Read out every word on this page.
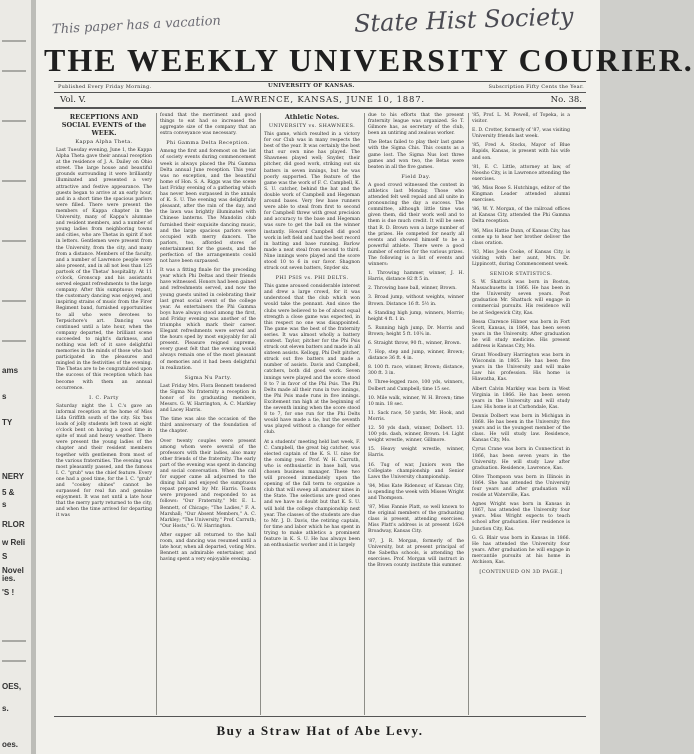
ams
s
TY
NERY
5 &
s
RLOR
w Reli
S
Novel
ies.
'S !
OES,
s.
oes.
This paper has a vacation	State Hist Society
THE WEEKLY UNIVERSITY COURIER.
Published Every Friday Morning.	UNIVERSITY OF KANSAS.	Subscription Fifty Cents the Year.
Vol. V.	LAWRENCE, KANSAS, JUNE 10, 1887.	No. 38.
RECEPTIONS AND SOCIAL EVENTS of the WEEK.
Kappa Alpha Theta.

Last Tuesday evening, June 1, the Kappa Alpha Theta gave their annual reception at the residence of J. A. Dailey on Ohio street. The large house and beautiful grounds surrounding it were brilliantly illuminated and presented a very attractive and festive appearance. The guests began to arrive at an early hour, and in a short time the spacious parlors were filled. There were present the members of Kappa chapter in the University, many of Kappa's alumnae and resident members, and a number of young ladies from neighboring towns and cities, who are Thetas in spirit if not in letters. Gentlemen were present from the University, from the city, and many from a distance. Members of the faculty, and a number of Lawrence people were also present, and in all not less than 125 partook of the Thetas' hospitality. At 11 o'clock, Gronscup and his assistants served elegant refreshments to the large company. After this sumptuous repast, the customary dancing was enjoyed, and inspiring strains of music from the Firer Regiment band, furnished opportunities to all who were devotees to Terpsichore's art. Dancing was continued until a late hour, when the company departed, the brilliant scene succeeded to night's darkness, and nothing was left of it save delightful memories in the minds of those who had participated in the pleasures and mingled in the festivities of the evening. The Thetas are to be congratulated upon the success of this reception which has become with them an annual occurrence.

I. C. Party

Saturday night the I. C.'s gave an informal reception at the home of Miss Lida Griffith south of the city. Six 'bus loads of jolly students left town at eight o'clock bent on having a good time in spite of mud and heavy weather. There were present the young ladies of the chapter and their resident members together with gentlemen from most of the various fraternities. The evening was most pleasantly passed, and the famous I. C. "grub" was the chief feature. Every one had a good time, for the I. C. "grub" and "cookey shines" cannot be surpassed for real fun and genuine enjoyment. It was not until a late hour that the merry party returned to the city, and when the time arrived for departing it was

found that the merriment and good things to eat had so increased the aggregate size of the company that an extra conveyance was necessary.

Phi Gamma Delta Reception.

Among the first and foremost on the list of society events during commencement week is always placed the Phi Gamma Delta annual June reception. This year was no exception, and the beautiful home of Hon. S. A. Riggs was the scene last Friday evening of a gathering which has never been surpassed in the annals of K. S. U. The evening was delightfully pleasant, after the rain of the day, and the lawn was brightly illuminated with Chinese lanterns. The Mandolin club furnished their exquisite dancing music, and the large spacious parlors were occupied with merry dancers. The parlors, too, afforded stores of entertainment for the guests, and the perfection of the arrangements could not have been surpassed.

It was a fitting finale for the preceding year which Phi Deltas and their friends have witnessed. Honors had been gained and refreshments served, and now the young guests united in celebrating their last great social event of the college year. As entertainers the Phi Gamma boys have always stood among the first, and Friday evening was another of the triumphs which mark their career. Elegant refreshments were served and the hours sped by most enjoyably for all present. Pleasure reigned supreme, every guest felt that the evening would always remain one of the most pleasant of memories and it had been delightful in realization.

Sigma Nu Party.

Last Friday Mrs. Flora Bennett tendered the Sigma Nu fraternity a reception in honor of its graduating members, Messrs. G. W. Harrington, A. C. Markley and Lacey Harris.

The time was also the occasion of the third anniversary of the foundation of the chapter.

Over twenty couples were present among whom were several of the professors with their ladies, also many other friends of the fraternity. The early part of the evening was spent in dancing and social conversation. When the call for supper came all adjourned to the dining hall and enjoyed the sumptuous repast prepared by Mr. Harris. Toasts were proposed and responded to as follows: "Our Fraternity," Mr. E. L. Bennett, of Chicago; "The Ladies," F. A. Marshall; "Our Absent Members," A. C. Markley; "The University," Prof. Carruth; "Our Hosts," G. W. Harrington.

After supper all returned to the hall room, and dancing was resumed until a late hour, when all departed, voting Mrs. Bennett an admirable entertainer, and having spent a very enjoyable evening.

Athletic Notes.
UNIVERSITY vs. SHAWNEES.

This game, which resulted in a victory for our Club was in many respects the best of the year. It was certainly the best that our own nine has played. The Shawnees played well; Snyder, their pitcher, did good work, striking out six batters in seven innings, but he was poorly supported. The feature of the game was the work of F. C. Campbell, K. S. U. catcher, behind the bat and the double work of Campbell and Hegeman around bases. Very few base runners were able to steal from first to second for Campbell threw with great precision and accuracy to the base and Hegeman was sure to get the ball on the winner instantly. Howard Campbell did good work in left field and had the best record in batting and base running. Barlow made a neat steal from second to third. Nine innings were played and the score stood 10 to 6 in our favor. Shagnon struck out seven batters, Snyder six.

PHI PSIS vs. PHI DELTS.

This game aroused considerable interest and drew a large crowd, for it was understood that the club which won would take the pennant. And since the clubs were believed to be of about equal strength a close game was expected, in this respect no one was disappointed. The game was the best of the fraternity series. It was almost wholly a battery contest. Taylor, pitcher for the Phi Psis struck out eleven batters and made in all sixteen assists. Kellogg, Phi Delt pitcher, struck out five batters and made a number of assists. Davis and Campbell, catchers, both did good work. Seven innings were played and the score stood 8 to 7 in favor of the Phi Psis. The Phi Delts made all their runs in two innings, the Phi Psis made runs in five innings. Excitement ran high at the beginning of the seventh inning when the score stood 8 to 7, for one run for the Phi Delts would have made a tie, but the seventh was played without a change for either club.

At a students' meeting held last week, F. C. Campbell, the great big catcher, was elected captain of the K. S. U. nine for the coming year. Prof. W. H. Carruth, who is enthusiastic in base ball, was chosen business manager. These two will proceed immediately upon the opening of the fall term to organize a club that will sweep all amateur nines in the State. The selections are good ones and we have no doubt but that K. S. U. will hold the college championship next year. The classes of the students are due to Mr. J. D. Davis, the retiring captain, for time and labor which he has spent in trying to make athletics a prominent feature in K. S. U. He has always been an enthusiastic worker and it is largely

due to his efforts that the present fraternity league was organized. So T. Gilmore has, as secretary of the club, been an untiring and zealous worker.

The Betas failed to play their last game with the Sigma Chis. This counts as a game lost. The Sigma Nus lost three games and won two, the Betas were beaten in all the five games.

Field Day.

A good crowd witnessed the contest in athletics last Monday. Those who attended felt well repaid and all unite in pronouncing the day a success. The committee, although little time was given them, did their work well and to them is due much credit. It will be seen that R. D. Brown won a large number of the prizes. He competed for nearly all events and showed himself to be a powerful athlete. There were a good number of entries for the various prizes. The following is a list of events and winners:

1. Throwing hammer, winner, J. H. Harris, distance 82 ft 5 in.

2. Throwing base ball, winner, Brown.

3. Broad jump, without weights, winner Brown. Distance 16 ft. 5½ in.

4. Standing high jump, winners, Morris; height 4 ft. 1 in.

5. Running high jump, Dr. Morris and Brown; height 5 ft. 10¼ in.

6. Straight throw, 90 ft., winner, Brown.

7. Hop, step and jump, winner, Brown; distance 36 ft. 4 in.

8. 100 ft. race, winner, Brown; distance, 300 ft. 3 in.

9. Three-legged race, 100 yds, winners, Dolbert and Campbell; time 15 sec.

10. Mile walk, winner, W. H. Brown; time 10 min. 18 sec.

11. Sack race, 50 yards, Mr. Hook, and Morris.

12. 50 yds dash, winner, Dolbert. 13. 100 yds. dash, winner, Brown. 14. Light weight wrestle, winner, Gillmore.

15. Heavy weight wrestle, winner, Harris.

16. Tug of war, Juniors won the Collegiate championship and Senior Laws the University championship.

'84, Miss Kate Ridenour, of Kansas City, is spending the week with Misses Wright and Thompson.

'87, Miss Fannie Platt, so well known to the original members of the graduating class is present, attending exercises. Miss Platt's address is at present 1624 Broadway, Kansas City.

'87, J. R. Morgan, formerly of the University, but at present principal of the Sabetha schools, is attending the exercises. Prof. Morgan will instruct in the Brown county institute this summer.

'85, Prof. L. M. Powell, of Topeka, is a visitor.

E. D. Crotter, formerly of '87, was visiting University friends last week.

'85, Fred A. Stocks, Mayor of Blue Rapids, Kansas, is present with his wife and son.

'81, E. C. Little, attorney at law, of Neosho City, is in Lawrence attending the exercises.

'86, Miss Rose S. Hutchings, editor of the Kingman Leader attended alumni exercises.

'86, W. Y. Morgan, of the railroad offices at Kansas City, attended the Phi Gamma Delta reception.

'86, Miss Hattie Dunn, of Kansas City, has come up to hear her brother deliver the class oration.

'83, Miss Josie Cooke, of Kansas City, is visiting with her aunt, Mrs. Dr. Lippincott, during Commencement week.

SENIOR STATISTICS.

S. W. Shattuck was born in Boston, Massachusetts in 1866. He has been in the University seven years. Post graduation Mr. Shattuck will engage in commercial pursuits. His residence will be at Sedgewick City, Kas.

Bessa Clarence Hibner was born in Fort Scott, Kansas, in 1864, has been seven years in the University. After graduation he will study medicine. His present address is Kansas City, Mo.

Grant Woodbury Harrington was born in Wisconsin in 1865. He has been five years in the University and will make Law his profession. His home is Hiawatha, Kas.

Albert Calvin Markley was born in West Virginia in 1866. He has been seven years in the University and will study Law. His home is at Carbondale, Kas.

Dennis Dolbert was born in Michigan in 1868. He has been in the University five years and is the youngest member of the class. He will study law. Residence, Kansas City, Mo.

Cyrus Crane was born in Connecticut in 1866, has been seven years in the University. He will study Law after graduation. Residence, Lawrence, Kas.

Olive Thompson was born in Illinois in 1864. She has attended the University four years and after graduation will reside at Waterville, Kas.

Agnes Wright was born in Kansas in 1867, has attended the University four years. Miss Wright expects to teach school after graduation. Her residence is Junction City, Kas.

G. G. Blair was born in Kansas in 1866. He has attended the University four years. After graduation he will engage in mercantile pursuits at his home in Atchison, Kas.

[CONTINUED ON 3D PAGE.]
Buy a Straw Hat of Abe Levy.
